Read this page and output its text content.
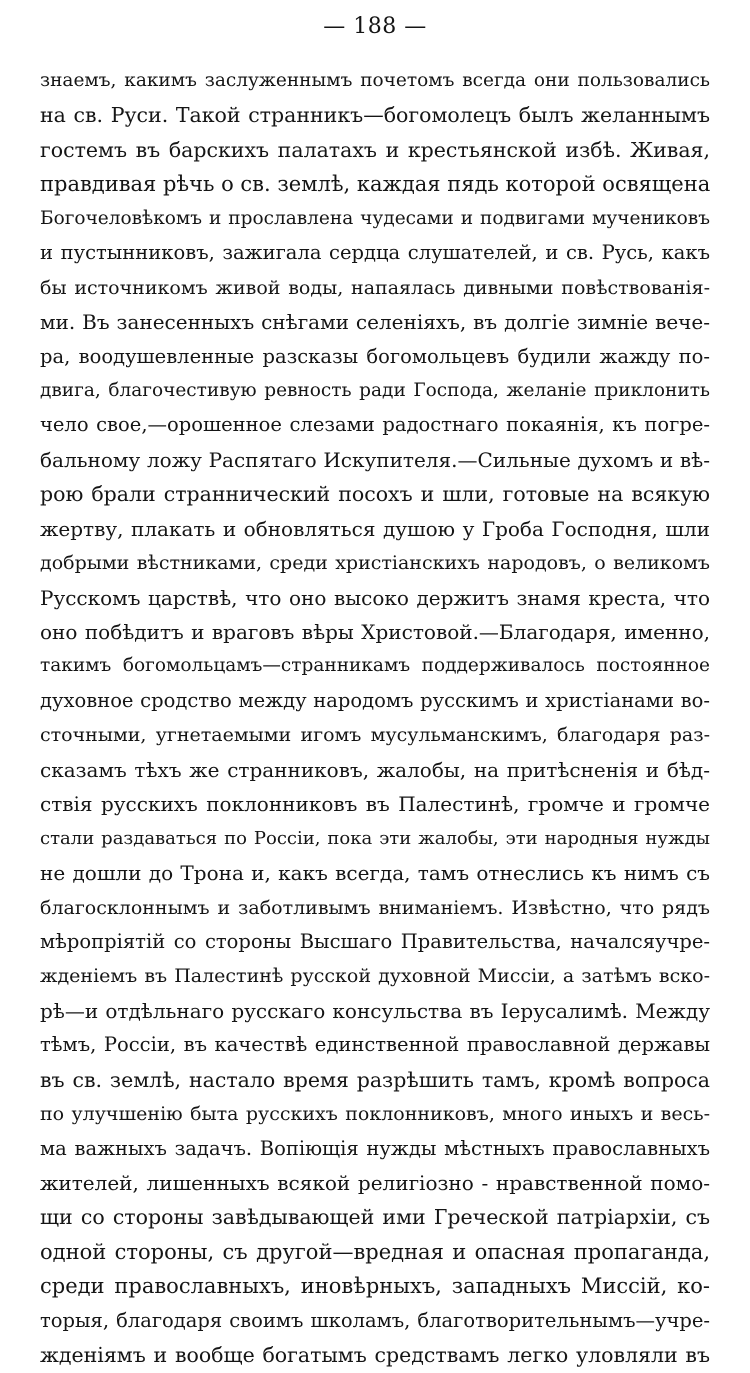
— 188 —
знаемъ, какимъ заслуженнымъ почетомъ всегда они пользовались
на св. Руси. Такой странникъ—богомолецъ былъ желаннымъ
гостемъ въ барскихъ палатахъ и крестьянской избѣ. Живая,
правдивая рѣчь о св. землѣ, каждая пядь которой освящена
Богочеловѣкомъ и прославлена чудесами и подвигами мучениковъ
и пустынниковъ, зажигала сердца слушателей, и св. Русь, какъ
бы источникомъ живой воды, напаялась дивными повѣствованія-
ми. Въ занесенныхъ снѣгами селеніяхъ, въ долгіе зимніе вече-
ра, воодушевленные разсказы богомольцевъ будили жажду по-
двига, благочестивую ревность ради Господа, желаніе приклонить
чело свое,—орошенное слезами радостнаго покаянія, къ погре-
бальному ложу Распятаго Искупителя.—Сильные духомъ и вѣ-
рою брали страннический посохъ и шли, готовые на всякую
жертву, плакать и обновляться душою у Гроба Господня, шли
добрыми вѣстниками, среди христіанскихъ народовъ, о великомъ
Русскомъ царствѣ, что оно высоко держитъ знамя креста, что
оно побѣдитъ и враговъ вѣры Христовой.—Благодаря, именно,
такимъ богомольцамъ—странникамъ поддерживалось постоянное
духовное сродство между народомъ русскимъ и христіанами во-
сточными, угнетаемыми игомъ мусульманскимъ, благодаря раз-
сказамъ тѣхъ же странниковъ, жалобы, на притѣсненія и бѣд-
ствія русскихъ поклонниковъ въ Палестинѣ, громче и громче
стали раздаваться по Россіи, пока эти жалобы, эти народныя нужды
не дошли до Трона и, какъ всегда, тамъ отнеслись къ нимъ съ
благосклоннымъ и заботливымъ вниманіемъ. Извѣстно, что рядъ
мѣропріятій со стороны Высшаго Правительства, началсяучре-
жденіемъ въ Палестинѣ русской духовной Миссіи, а затѣмъ вско-
рѣ—и отдѣльнаго русскаго консульства въ Іерусалимѣ. Между
тѣмъ, Россіи, въ качествѣ единственной православной державы
въ св. землѣ, настало время разрѣшить тамъ, кромѣ вопроса
по улучшенію быта русскихъ поклонниковъ, много иныхъ и весь-
ма важныхъ задачъ. Вопіющія нужды мѣстныхъ православныхъ
жителей, лишенныхъ всякой религіозно - нравственной помо-
щи со стороны завѣдывающей ими Греческой патріархіи, съ
одной стороны, съ другой—вредная и опасная пропаганда,
среди православныхъ, иновѣрныхъ, западныхъ Миссій, ко-
торыя, благодаря своимъ школамъ, благотворительнымъ—учре-
жденіямъ и вообще богатымъ средствамъ легко уловляли въ
